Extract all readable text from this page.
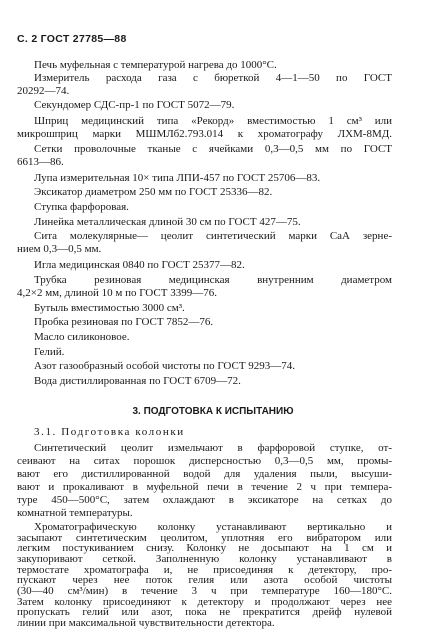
С. 2 ГОСТ 27785—88
Печь муфельная с температурой нагрева до 1000°С.
Измеритель расхода газа с бюреткой 4—1—50 по ГОСТ
20292—74.
Секундомер СДС-пр-1 по ГОСТ 5072—79.
Шприц медицинский типа «Рекорд» вместимостью 1 см³ или
микрошприц марки МШМЛб2.793.014 к хроматографу ЛХМ-8МД.
Сетки проволочные тканые с ячейками 0,3—0,5 мм по ГОСТ
6613—86.
Лупа измерительная 10× типа ЛПИ-457 по ГОСТ 25706—83.
Эксикатор диаметром 250 мм по ГОСТ 25336—82.
Ступка фарфоровая.
Линейка металлическая длиной 30 см по ГОСТ 427—75.
Сита молекулярные— цеолит синтетический марки СаА зерне-
нием 0,3—0,5 мм.
Игла медицинская 0840 по ГОСТ 25377—82.
Трубка резиновая медицинская внутренним диаметром
4,2×2 мм, длиной 10 м по ГОСТ 3399—76.
Бутыль вместимостью 3000 см³.
Пробка резиновая по ГОСТ 7852—76.
Масло силиконовое.
Гелий.
Азот газообразный особой чистоты по ГОСТ 9293—74.
Вода дистиллированная по ГОСТ 6709—72.
3. ПОДГОТОВКА К ИСПЫТАНИЮ
3.1. Подготовка колонки
Синтетический цеолит измельчают в фарфоровой ступке, от-
сеивают на ситах порошок дисперсностью 0,3—0,5 мм, промы-
вают его дистиллированной водой для удаления пыли, высуши-
вают и прокаливают в муфельной печи в течение 2 ч при темпера-
туре 450—500°С, затем охлаждают в эксикаторе на сетках до
комнатной температуры.
Хроматографическую колонку устанавливают вертикально и
засыпают синтетическим цеолитом, уплотняя его вибратором или
легким постукиванием снизу. Колонку не досыпают на 1 см и
закупоривают сеткой. Заполненную колонку устанавливают в
термостате хроматографа и, не присоединяя к детектору, про-
пускают через нее поток гелия или азота особой чистоты
(30—40 см³/мин) в течение 3 ч при температуре 160—180°С.
Затем колонку присоединяют к детектору и продолжают через нее
пропускать гелий или азот, пока не прекратится дрейф нулевой
линии при максимальной чувствительности детектора.
